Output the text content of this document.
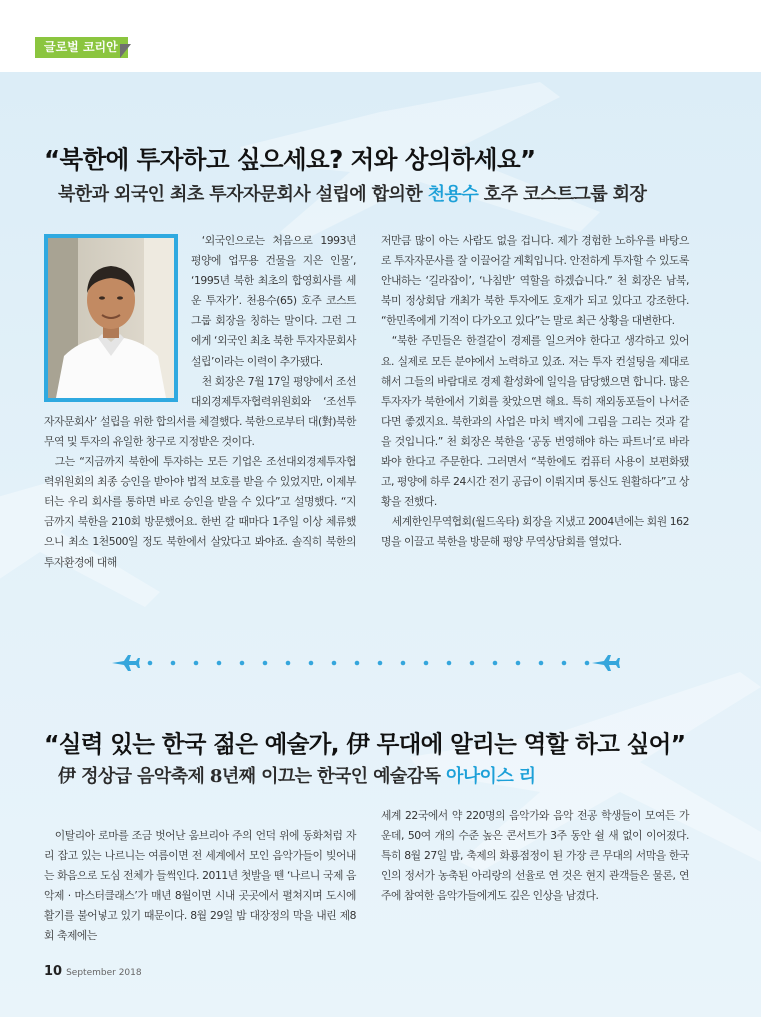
글로벌 코리안
“북한에 투자하고 싶으세요? 저와 상의하세요”
북한과 외국인 최초 투자자문회사 설립에 합의한 천용수 호주 코스트그룹 회장

‘외국인으로는 처음으로 1993년 평양에 업무용 건물을 지은 인물’, ‘1995년 북한 최초의 합영회사를 세운 투자가’. 천용수(65) 호주 코스트그룹 회장을 칭하는 말이다. 그런 그에게 ‘외국인 최초 북한 투자자문회사 설립’이라는 이력이 추가됐다.

천 회장은 7월 17일 평양에서 조선대외경제투자협력위원회와 ‘조선투자자문회사’ 설립을 위한 합의서를 체결했다. 북한으로부터 대(對)북한 무역 및 투자의 유일한 창구로 지정받은 것이다.

그는 “지금까지 북한에 투자하는 모든 기업은 조선대외경제투자협력위원회의 최종 승인을 받아야 법적 보호를 받을 수 있었지만, 이제부터는 우리 회사를 통하면 바로 승인을 받을 수 있다”고 설명했다. “지금까지 북한을 210회 방문했어요. 한번 갈 때마다 1주일 이상 체류했으니 최소 1천500일 정도 북한에서 살았다고 봐야죠. 솔직히 북한의 투자환경에 대해

저만큼 많이 아는 사람도 없을 겁니다. 제가 경험한 노하우를 바탕으로 투자자문사를 잘 이끌어갈 계획입니다. 안전하게 투자할 수 있도록 안내하는 ‘길라잡이’, ‘나침반’ 역할을 하겠습니다.” 천 회장은 남북, 북미 정상회담 개최가 북한 투자에도 호재가 되고 있다고 강조한다. “한민족에게 기적이 다가오고 있다”는 말로 최근 상황을 대변한다.

“북한 주민들은 한결같이 경제를 일으켜야 한다고 생각하고 있어요. 실제로 모든 분야에서 노력하고 있죠. 저는 투자 컨설팅을 제대로 해서 그들의 바람대로 경제 활성화에 일익을 담당했으면 합니다. 많은 투자자가 북한에서 기회를 찾았으면 해요. 특히 재외동포들이 나서준다면 좋겠지요. 북한과의 사업은 마치 백지에 그림을 그리는 것과 같을 것입니다.” 천 회장은 북한을 ‘공동 번영해야 하는 파트너’로 바라봐야 한다고 주문한다. 그러면서 “북한에도 컴퓨터 사용이 보편화됐고, 평양에 하루 24시간 전기 공급이 이뤄지며 통신도 원활하다”고 상황을 전했다.

세계한인무역협회(월드옥타) 회장을 지냈고 2004년에는 회원 162명을 이끌고 북한을 방문해 평양 무역상담회를 열었다.

“실력 있는 한국 젊은 예술가, 伊 무대에 알리는 역할 하고 싶어”
伊 정상급 음악축제 8년째 이끄는 한국인 예술감독 아나이스 리

이탈리아 로마를 조금 벗어난 움브리아 주의 언덕 위에 동화처럼 자리 잡고 있는 나르니는 여름이면 전 세계에서 모인 음악가들이 빚어내는 화음으로 도심 전체가 들썩인다. 2011년 첫발을 뗀 ‘나르니 국제 음악제 · 마스터클래스’가 매년 8월이면 시내 곳곳에서 펼쳐지며 도시에 활기를 불어넣고 있기 때문이다. 8월 29일 밤 대장정의 막을 내린 제8회 축제에는

세계 22국에서 약 220명의 음악가와 음악 전공 학생들이 모여든 가운데, 50여 개의 수준 높은 콘서트가 3주 동안 쉴 새 없이 이어졌다. 특히 8월 27일 밤, 축제의 화룡점정이 된 가장 큰 무대의 서막을 한국인의 정서가 농축된 아리랑의 선율로 연 것은 현지 관객들은 물론, 연주에 참여한 음악가들에게도 깊은 인상을 남겼다.

10 September 2018
